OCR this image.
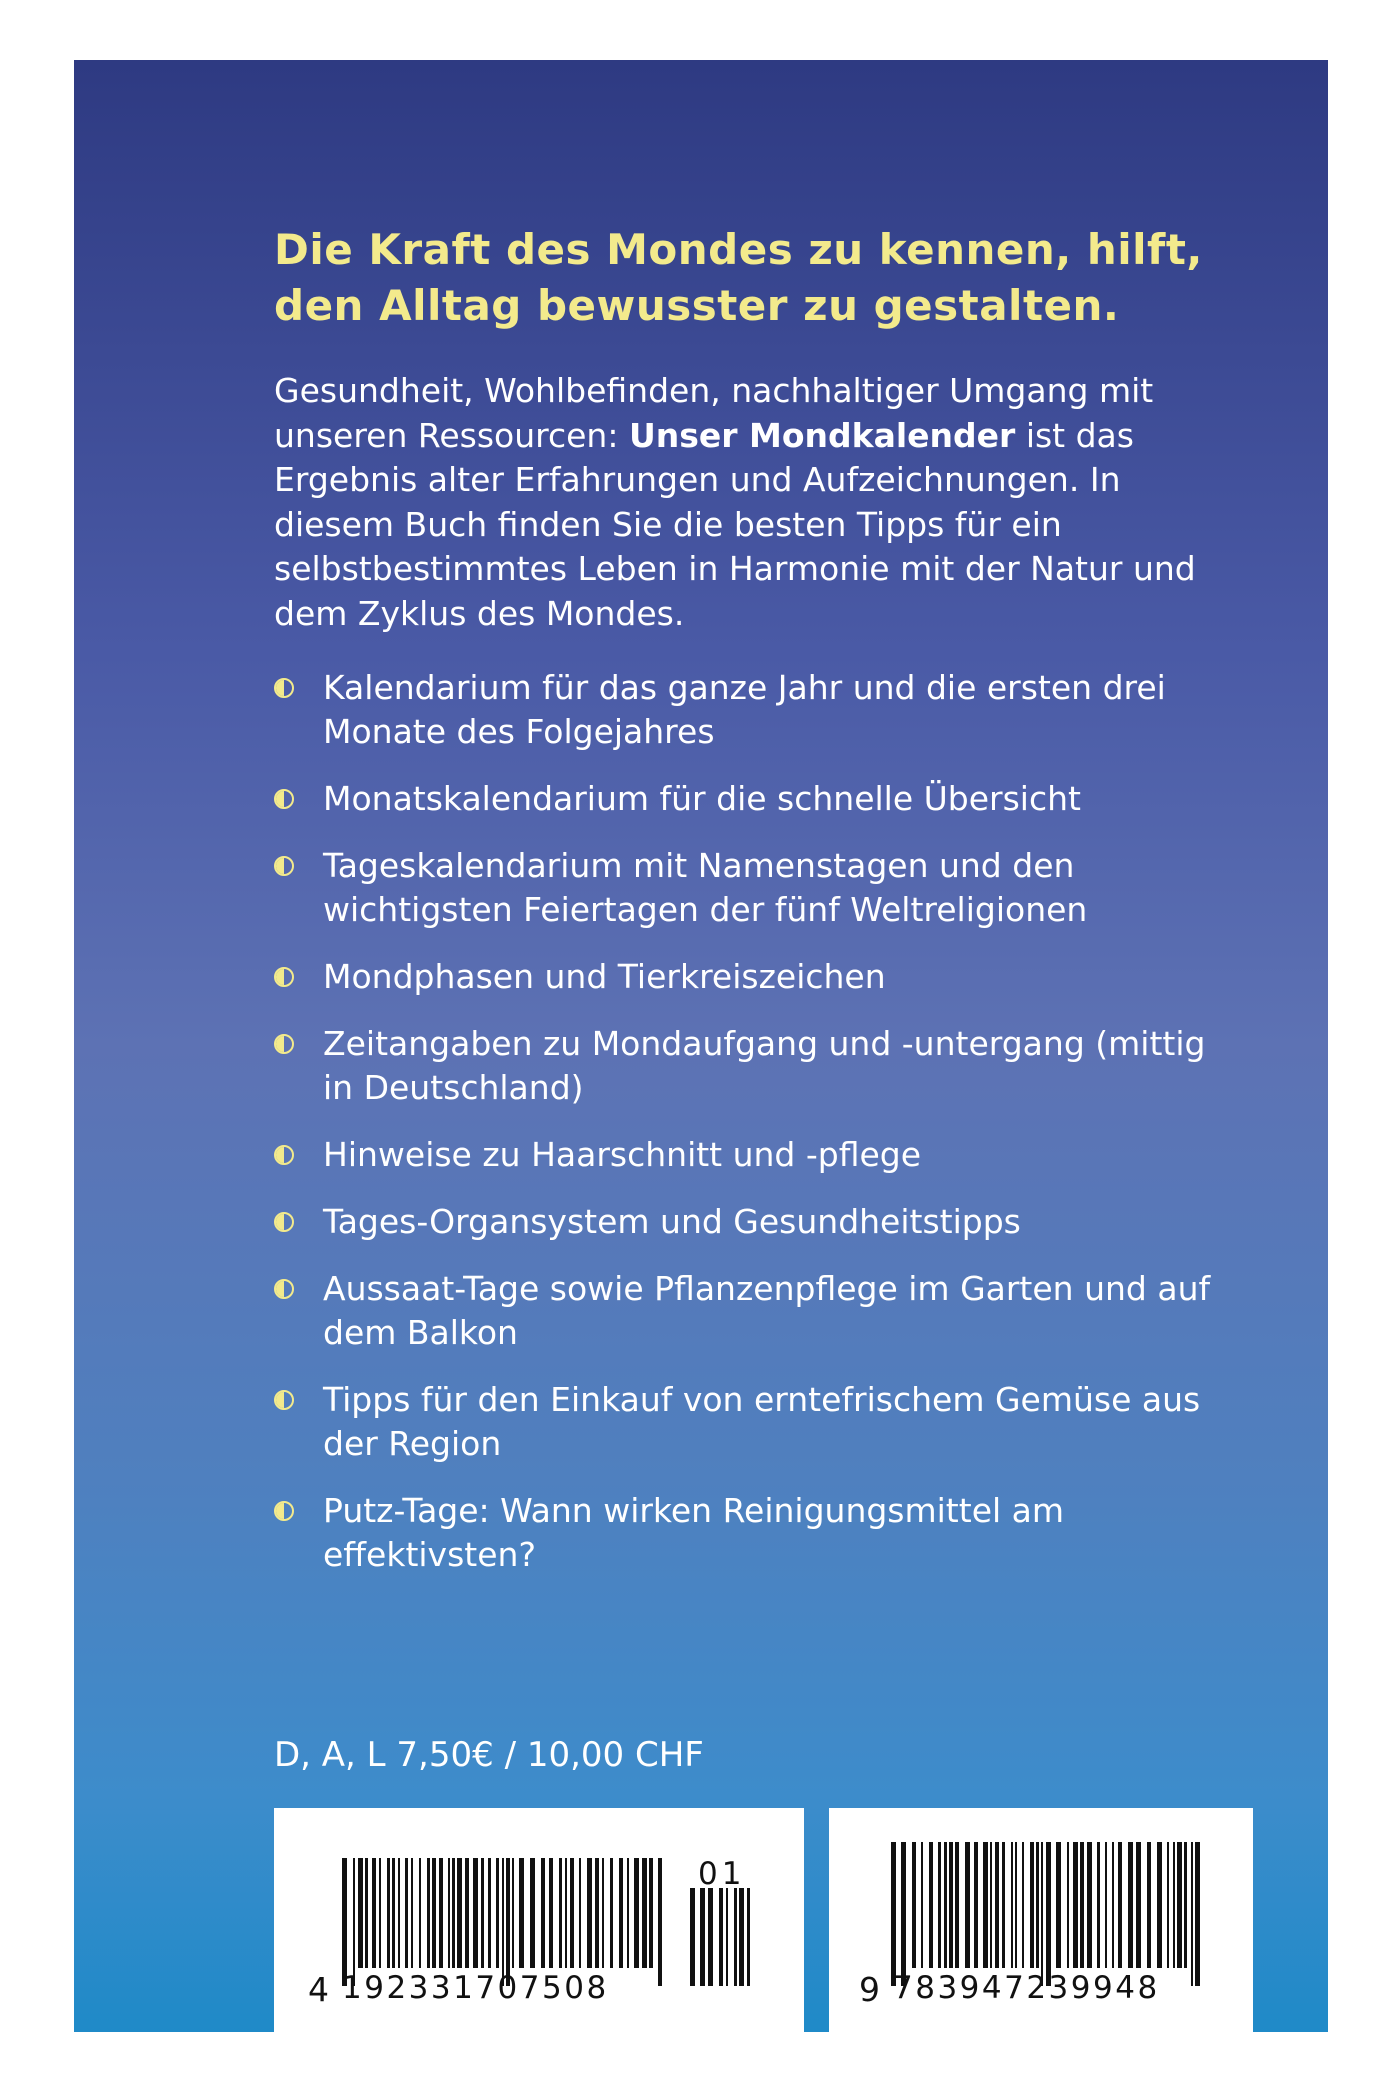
Die Kraft des Mondes zu kennen, hilft,
den Alltag bewusster zu gestalten.

Gesundheit, Wohlbefinden, nachhaltiger Umgang mit unseren Ressourcen: Unser Mondkalender ist das Ergebnis alter Erfahrungen und Aufzeichnungen. In diesem Buch finden Sie die besten Tipps für ein selbstbestimmtes Leben in Harmonie mit der Natur und dem Zyklus des Mondes.

Kalendarium für das ganze Jahr und die ersten drei Monate des Folgejahres
Monatskalendarium für die schnelle Übersicht
Tageskalendarium mit Namenstagen und den wichtigsten Feiertagen der fünf Weltreligionen
Mondphasen und Tierkreiszeichen
Zeitangaben zu Mondaufgang und -untergang (mittig in Deutschland)
Hinweise zu Haarschnitt und -pflege
Tages-Organsystem und Gesundheitstipps
Aussaat-Tage sowie Pflanzenpflege im Garten und auf dem Balkon
Tipps für den Einkauf von erntefrischem Gemüse aus der Region
Putz-Tage: Wann wirken Reinigungsmittel am effektivsten?

D, A, L 7,50€ / 10,00 CHF

4 192331707508
01
9 783947239948
